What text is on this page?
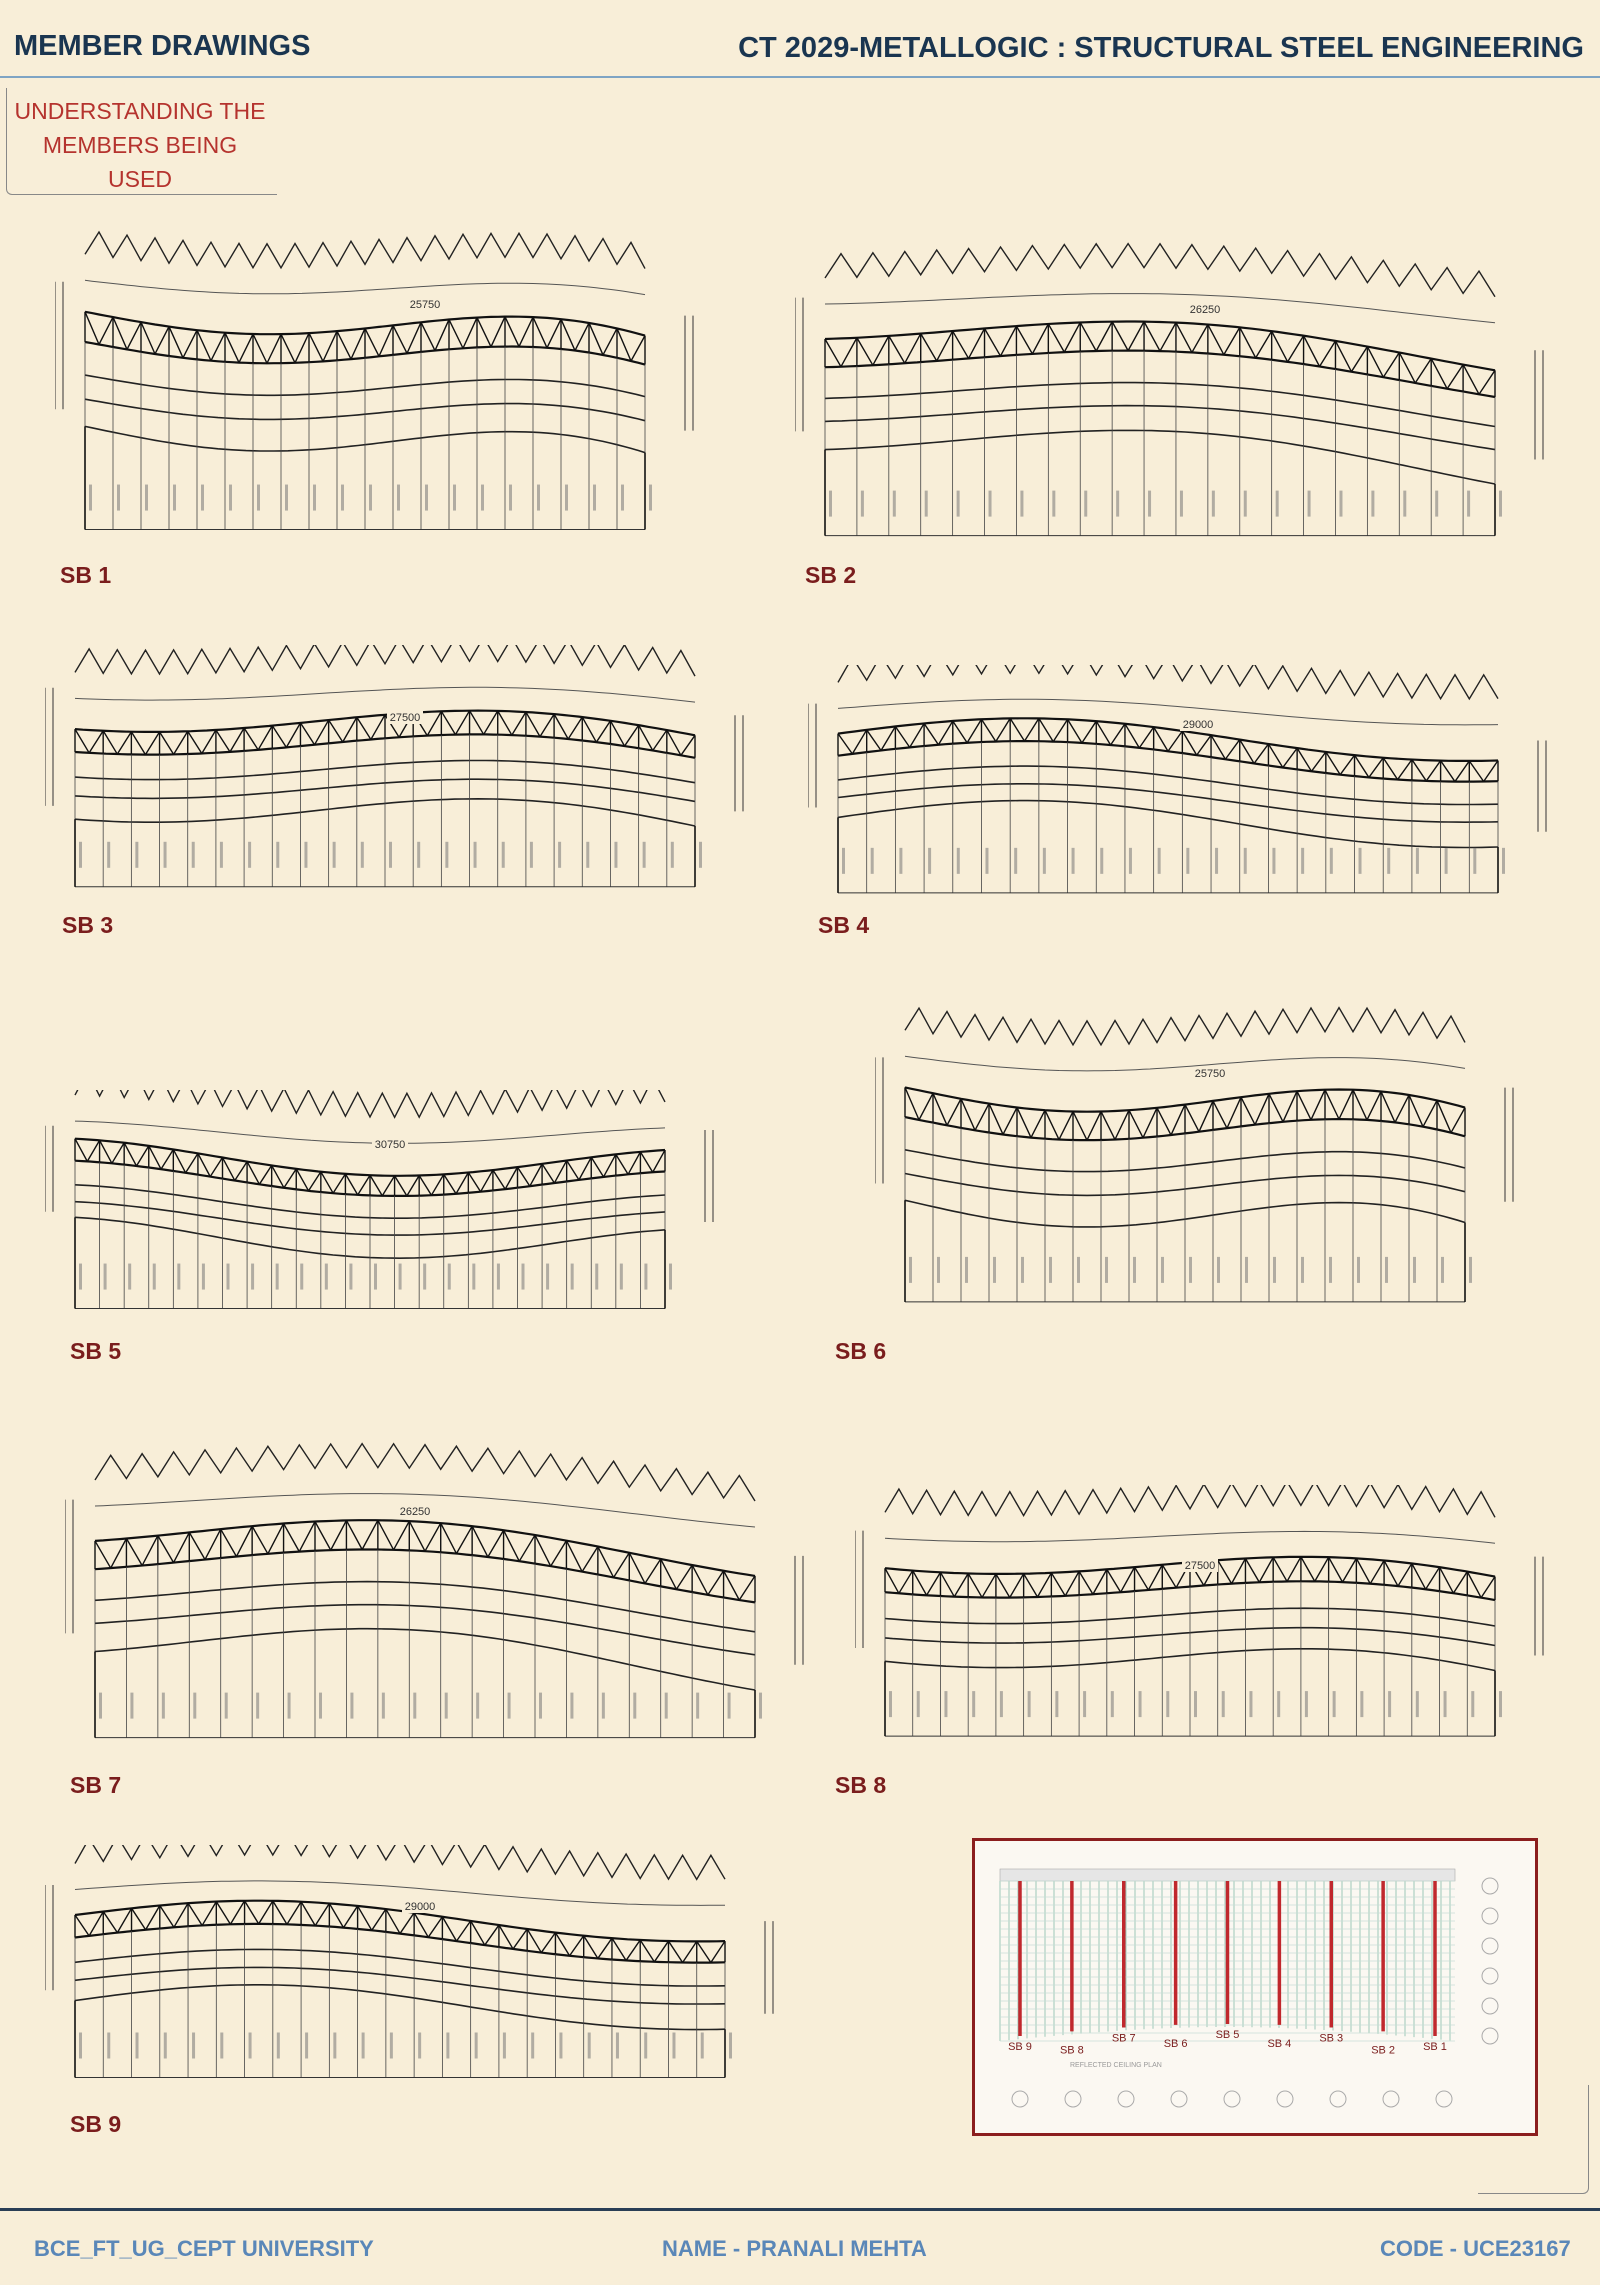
MEMBER DRAWINGS	CT 2029-METALLOGIC : STRUCTURAL STEEL ENGINEERING
UNDERSTANDING THE
MEMBERS BEING
USED
25750
SB 1
26250
SB 2
27500
SB 3
29000
SB 4
30750
SB 5
25750
SB 6
26250
SB 7
27500
SB 8
29000
SB 9
SB 9	SB 8
SB 7	SB 6
SB 5
SB 4	SB 3
SB 2	SB 1
REFLECTED CEILING PLAN
BCE_FT_UG_CEPT UNIVERSITY	NAME - PRANALI MEHTA	CODE - UCE23167
